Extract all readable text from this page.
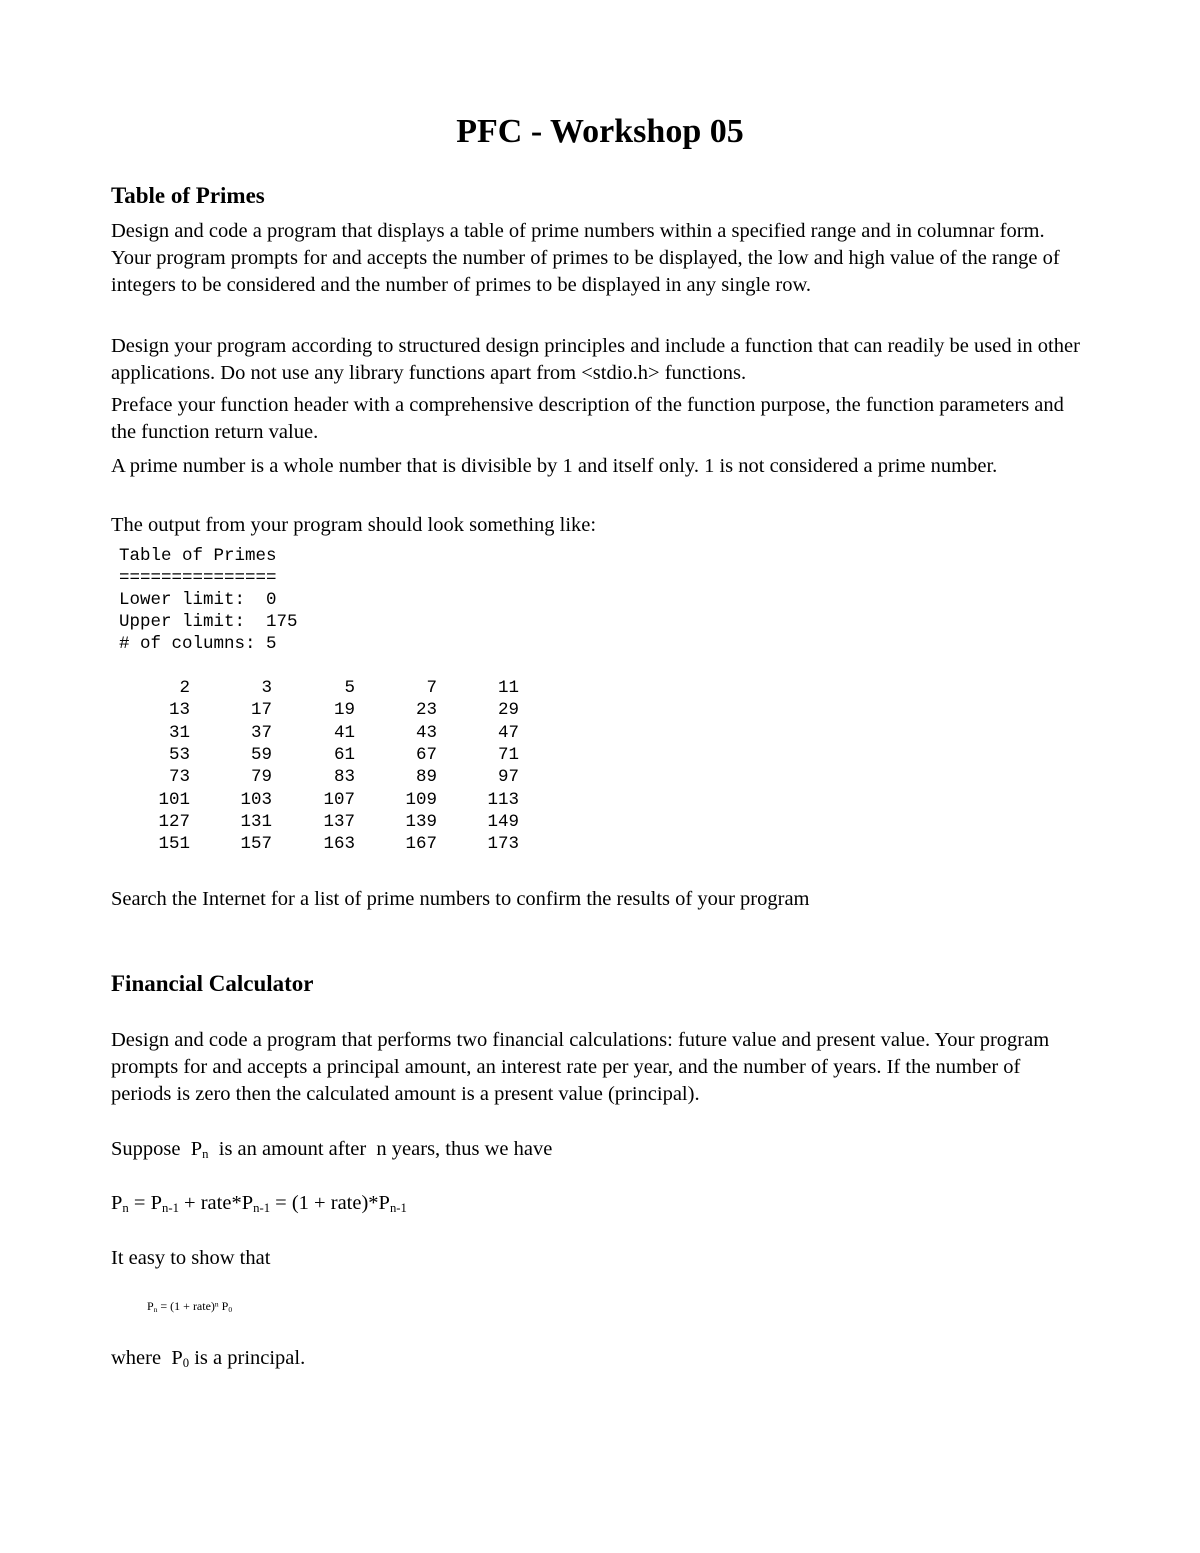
PFC - Workshop 05
Table of Primes
Design and code a program that displays a table of prime numbers within a specified range and in columnar form. Your program prompts for and accepts the number of primes to be displayed, the low and high value of the range of integers to be considered and the number of primes to be displayed in any single row.
Design your program according to structured design principles and include a function that can readily be used in other applications. Do not use any library functions apart from <stdio.h> functions.
Preface your function header with a comprehensive description of the function purpose, the function parameters and the function return value.
A prime number is a whole number that is divisible by 1 and itself only. 1 is not considered a prime number.
The output from your program should look something like:
Table of Primes
===============
Lower limit:  0
Upper limit:  175
# of columns: 5
2	3	5	7	11
13	17	19	23	29
31	37	41	43	47
53	59	61	67	71
73	79	83	89	97
101	103	107	109	113
127	131	137	139	149
151	157	163	167	173
Search the Internet for a list of prime numbers to confirm the results of your program
Financial Calculator
Design and code a program that performs two financial calculations: future value and present value. Your program prompts for and accepts a principal amount, an interest rate per year, and the number of years. If the number of periods is zero then the calculated amount is a present value (principal).
Suppose  $P_n$  is an amount after  n years, thus we have
$P_n = P_{n-1}$ + $rate*P_{n-1} = (1$ + $rate)*P_{n-1}$
It easy to show that
$P_n = (1$ + rate)$^n$ $P_0$
where  $P_0$ is a principal.
